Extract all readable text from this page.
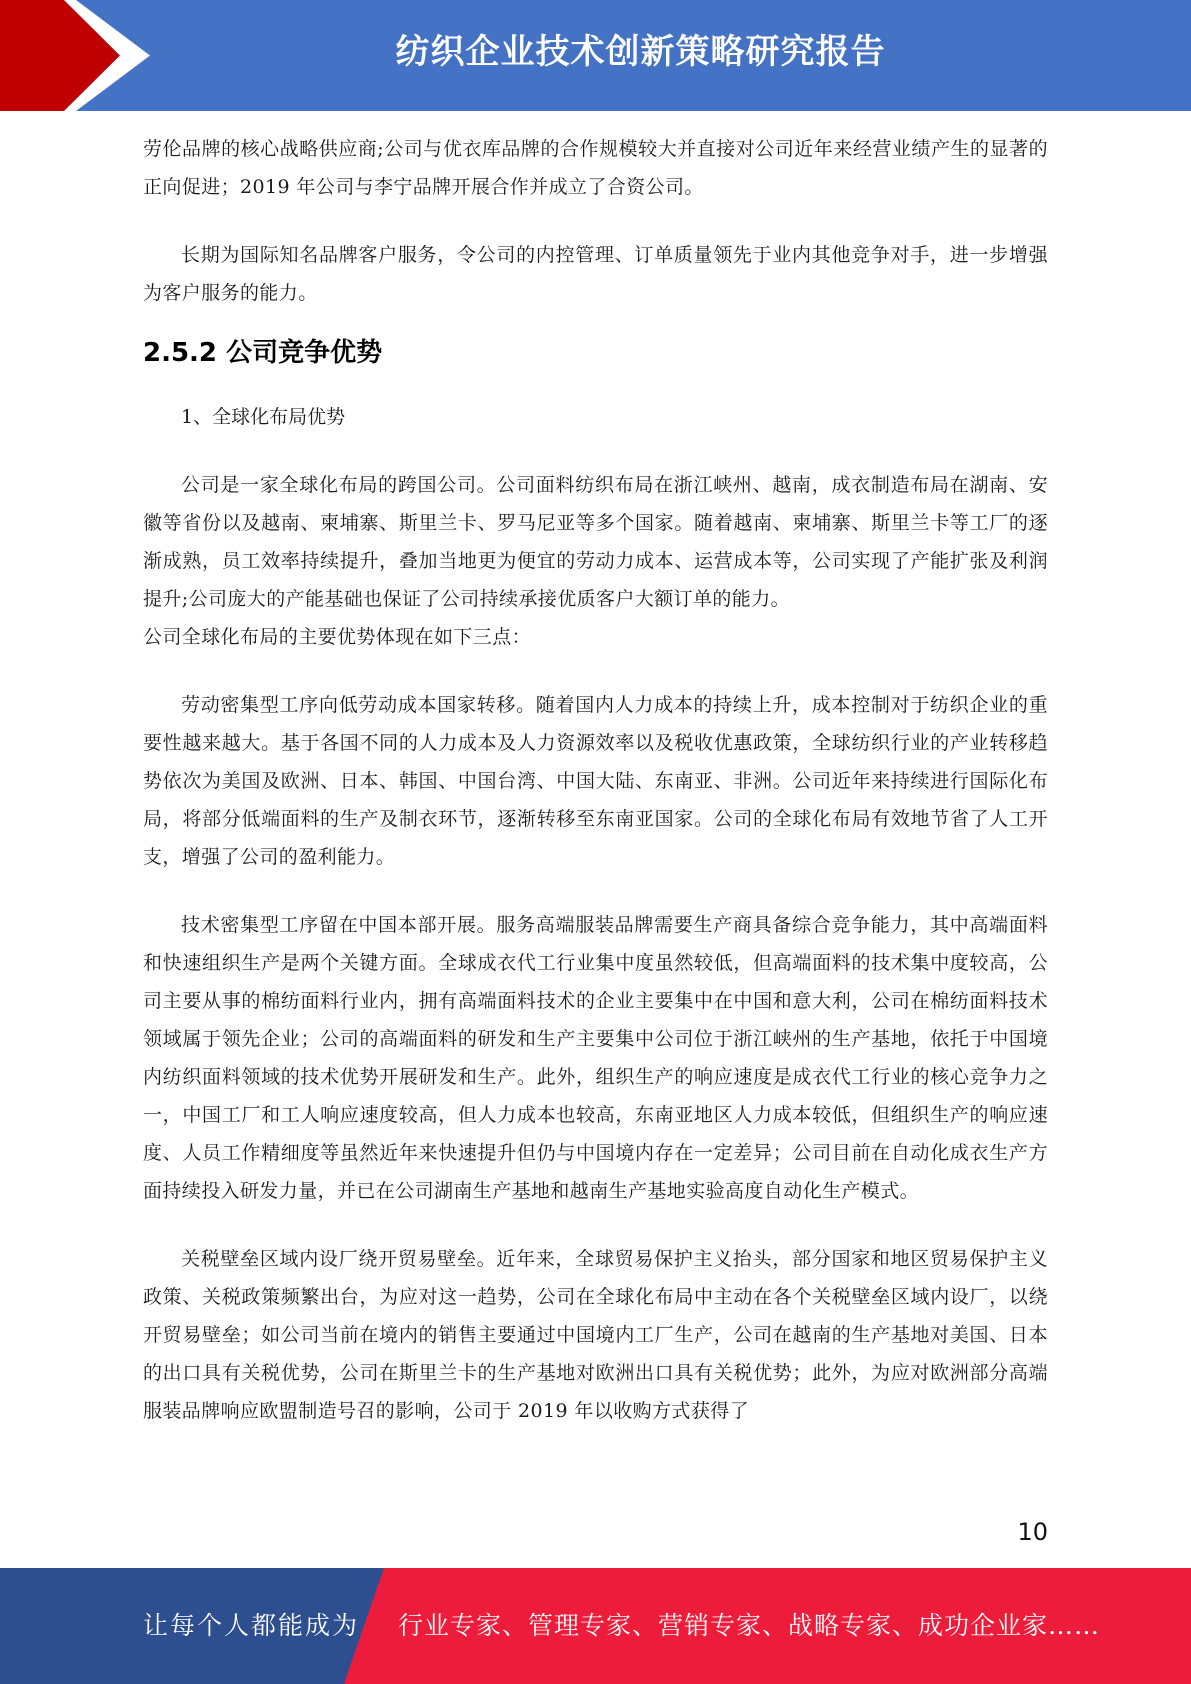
纺织企业技术创新策略研究报告

劳伦品牌的核心战略供应商;公司与优衣库品牌的合作规模较大并直接对公司近年来经营业绩产生的显著的正向促进；2019 年公司与李宁品牌开展合作并成立了合资公司。

长期为国际知名品牌客户服务，令公司的内控管理、订单质量领先于业内其他竞争对手，进一步增强为客户服务的能力。

2.5.2 公司竞争优势

1、全球化布局优势

公司是一家全球化布局的跨国公司。公司面料纺织布局在浙江峡州、越南，成衣制造布局在湖南、安徽等省份以及越南、柬埔寨、斯里兰卡、罗马尼亚等多个国家。随着越南、柬埔寨、斯里兰卡等工厂的逐渐成熟，员工效率持续提升，叠加当地更为便宜的劳动力成本、运营成本等，公司实现了产能扩张及利润提升;公司庞大的产能基础也保证了公司持续承接优质客户大额订单的能力。

公司全球化布局的主要优势体现在如下三点：

劳动密集型工序向低劳动成本国家转移。随着国内人力成本的持续上升，成本控制对于纺织企业的重要性越来越大。基于各国不同的人力成本及人力资源效率以及税收优惠政策，全球纺织行业的产业转移趋势依次为美国及欧洲、日本、韩国、中国台湾、中国大陆、东南亚、非洲。公司近年来持续进行国际化布局，将部分低端面料的生产及制衣环节，逐渐转移至东南亚国家。公司的全球化布局有效地节省了人工开支，增强了公司的盈利能力。

技术密集型工序留在中国本部开展。服务高端服装品牌需要生产商具备综合竞争能力，其中高端面料和快速组织生产是两个关键方面。全球成衣代工行业集中度虽然较低，但高端面料的技术集中度较高，公司主要从事的棉纺面料行业内，拥有高端面料技术的企业主要集中在中国和意大利，公司在棉纺面料技术领域属于领先企业；公司的高端面料的研发和生产主要集中公司位于浙江峡州的生产基地，依托于中国境内纺织面料领域的技术优势开展研发和生产。此外，组织生产的响应速度是成衣代工行业的核心竞争力之一，中国工厂和工人响应速度较高，但人力成本也较高，东南亚地区人力成本较低，但组织生产的响应速度、人员工作精细度等虽然近年来快速提升但仍与中国境内存在一定差异；公司目前在自动化成衣生产方面持续投入研发力量，并已在公司湖南生产基地和越南生产基地实验高度自动化生产模式。

关税壁垒区域内设厂绕开贸易壁垒。近年来，全球贸易保护主义抬头，部分国家和地区贸易保护主义政策、关税政策频繁出台，为应对这一趋势，公司在全球化布局中主动在各个关税壁垒区域内设厂，以绕开贸易壁垒；如公司当前在境内的销售主要通过中国境内工厂生产，公司在越南的生产基地对美国、日本的出口具有关税优势，公司在斯里兰卡的生产基地对欧洲出口具有关税优势；此外，为应对欧洲部分高端服装品牌响应欧盟制造号召的影响，公司于 2019 年以收购方式获得了

10
让每个人都能成为 行业专家、管理专家、营销专家、战略专家、成功企业家……
